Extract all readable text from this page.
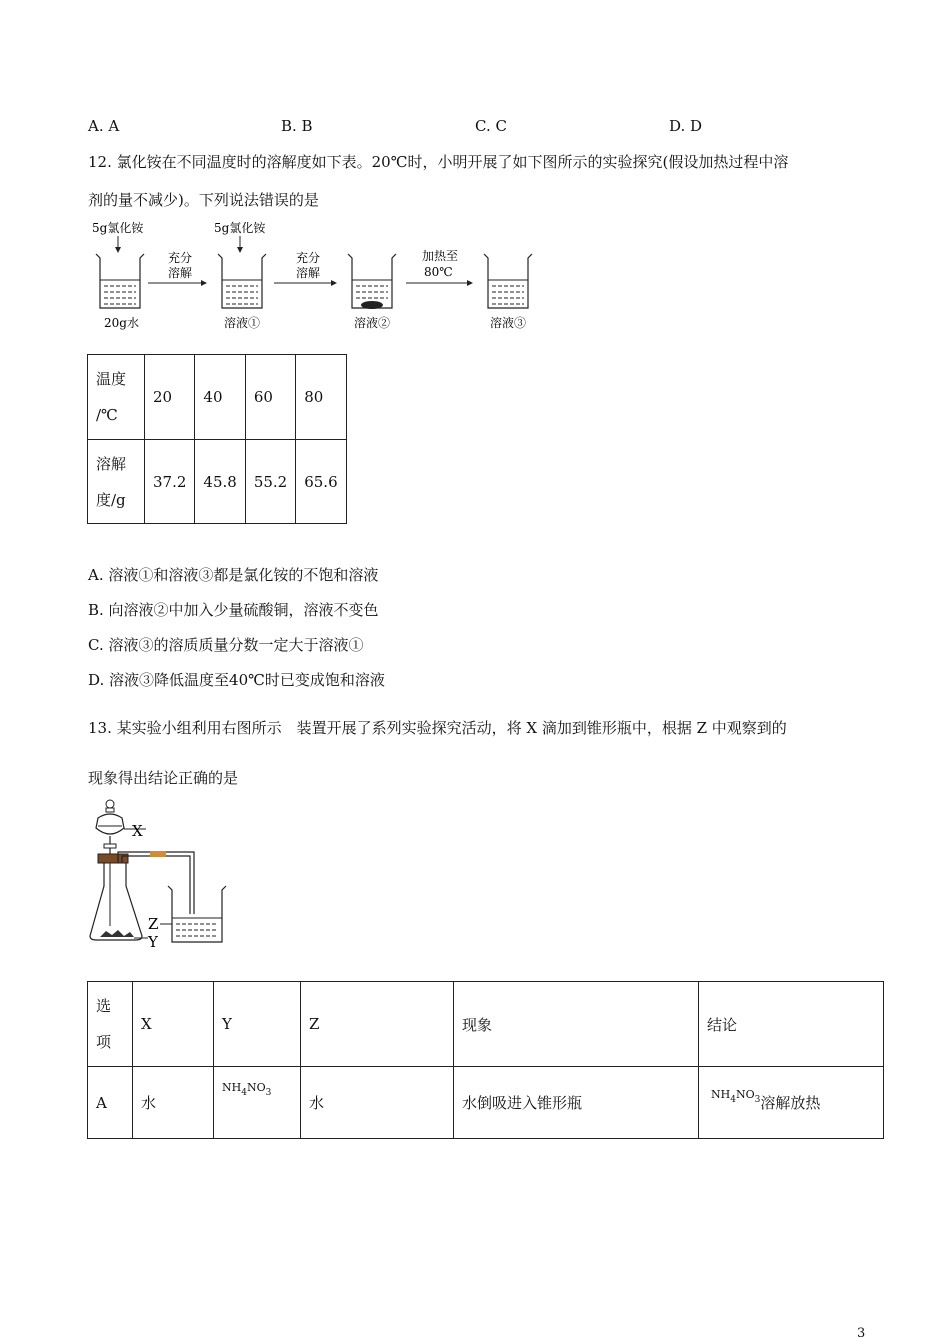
A. A	B. B	C. C	D. D
12. 氯化铵在不同温度时的溶解度如下表。20℃时，小明开展了如下图所示的实验探究(假设加热过程中溶
剂的量不减少)。下列说法错误的是
5g氯化铵	5g氯化铵
20g水
充分
溶解
溶液①
充分
溶解
溶液②
加热至
80℃
溶液③
温度
/℃	20	40	60	80

溶解
度/g	37.2	45.8	55.2	65.6
A. 溶液①和溶液③都是氯化铵的不饱和溶液
B. 向溶液②中加入少量硫酸铜，溶液不变色
C. 溶液③的溶质质量分数一定大于溶液①
D. 溶液③降低温度至40℃时已变成饱和溶液
13. 某实验小组利用右图所示　装置开展了系列实验探究活动，将 X 滴加到锥形瓶中，根据 Z 中观察到的
现象得出结论正确的是
X
Z
Y
选
项	X	Y	Z	现象	结论
A	水	$NH_4NO_3$	水	水倒吸进入锥形瓶	$NH_4NO_3$溶解放热
3
